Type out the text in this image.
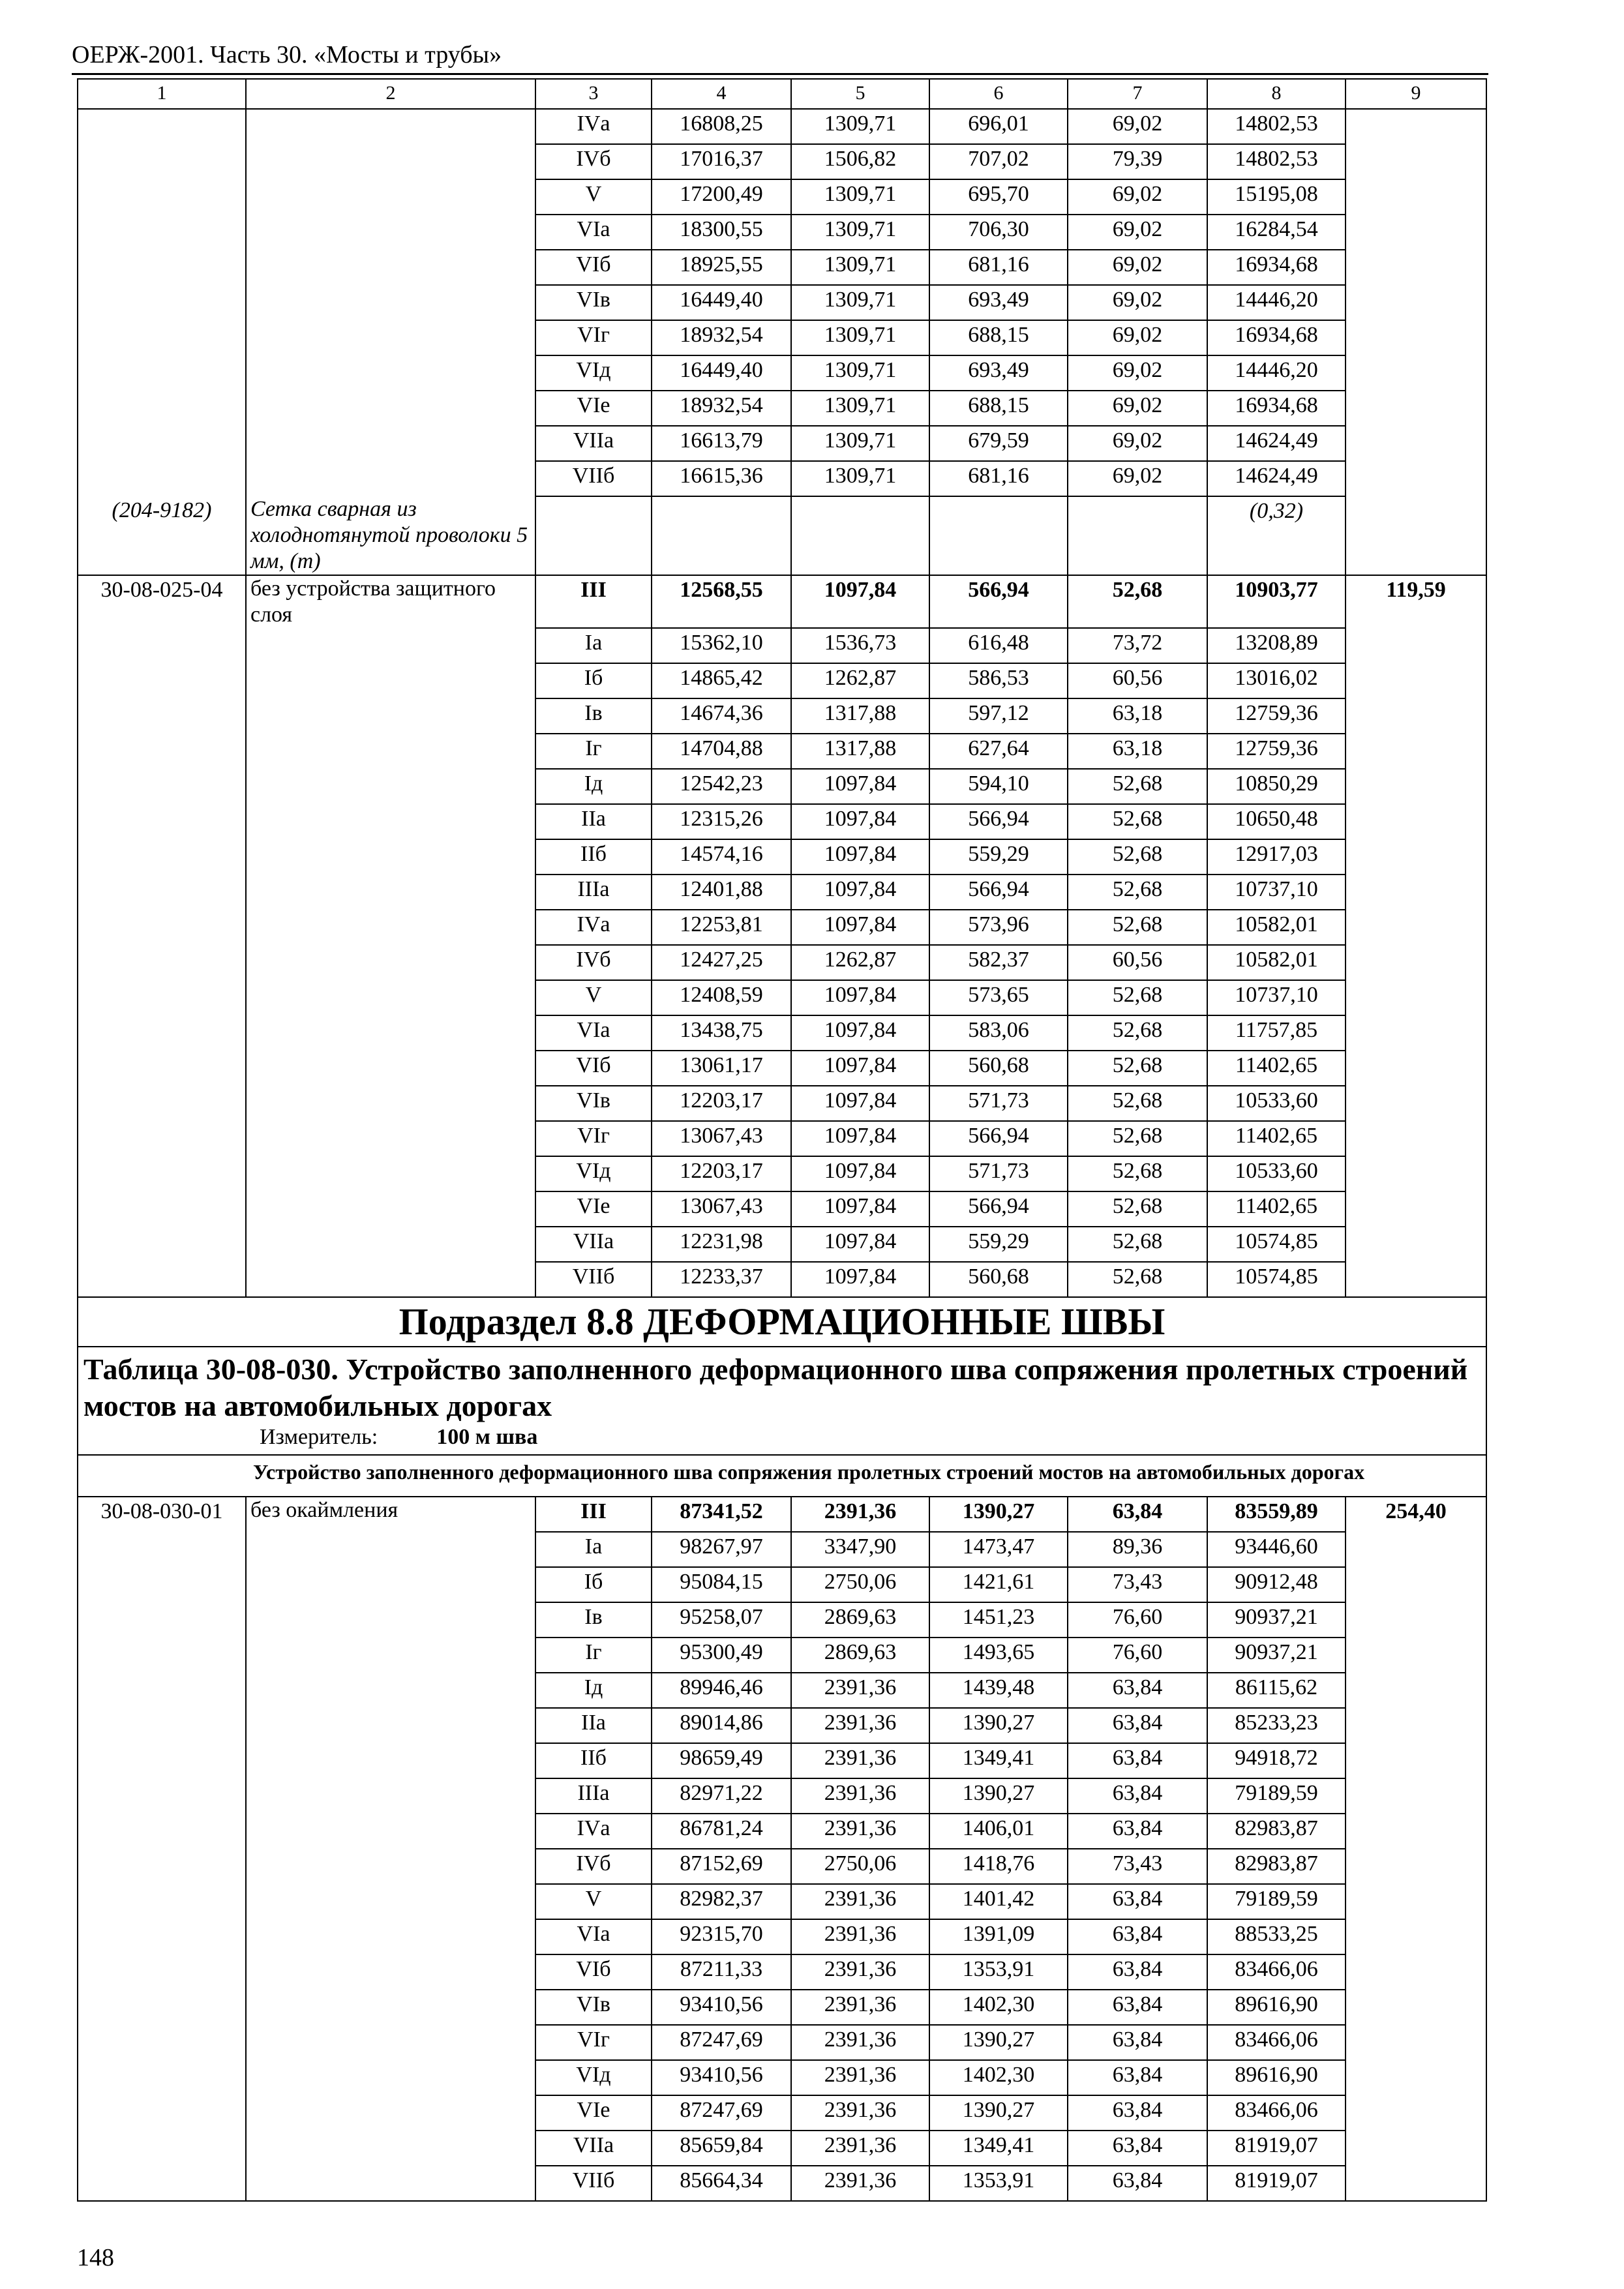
ОЕРЖ-2001. Часть 30. «Мосты и трубы»
1	2	3	4	5	6	7	8	9
		IVа	16808,25	1309,71	696,01	69,02	14802,53	
		IVб	17016,37	1506,82	707,02	79,39	14802,53	
		V	17200,49	1309,71	695,70	69,02	15195,08	
		VIа	18300,55	1309,71	706,30	69,02	16284,54	
		VIб	18925,55	1309,71	681,16	69,02	16934,68	
		VIв	16449,40	1309,71	693,49	69,02	14446,20	
		VIг	18932,54	1309,71	688,15	69,02	16934,68	
		VIд	16449,40	1309,71	693,49	69,02	14446,20	
		VIе	18932,54	1309,71	688,15	69,02	16934,68	
		VIIа	16613,79	1309,71	679,59	69,02	14624,49	
		VIIб	16615,36	1309,71	681,16	69,02	14624,49	
(204-9182)	Сетка сварная из холоднотянутой проволоки 5 мм, (т)						(0,32)	
30-08-025-04	без устройства защитного слоя	III	12568,55	1097,84	566,94	52,68	10903,77	119,59
		Iа	15362,10	1536,73	616,48	73,72	13208,89	
		Iб	14865,42	1262,87	586,53	60,56	13016,02	
		Iв	14674,36	1317,88	597,12	63,18	12759,36	
		Iг	14704,88	1317,88	627,64	63,18	12759,36	
		Iд	12542,23	1097,84	594,10	52,68	10850,29	
		IIа	12315,26	1097,84	566,94	52,68	10650,48	
		IIб	14574,16	1097,84	559,29	52,68	12917,03	
		IIIа	12401,88	1097,84	566,94	52,68	10737,10	
		IVа	12253,81	1097,84	573,96	52,68	10582,01	
		IVб	12427,25	1262,87	582,37	60,56	10582,01	
		V	12408,59	1097,84	573,65	52,68	10737,10	
		VIа	13438,75	1097,84	583,06	52,68	11757,85	
		VIб	13061,17	1097,84	560,68	52,68	11402,65	
		VIв	12203,17	1097,84	571,73	52,68	10533,60	
		VIг	13067,43	1097,84	566,94	52,68	11402,65	
		VIд	12203,17	1097,84	571,73	52,68	10533,60	
		VIе	13067,43	1097,84	566,94	52,68	11402,65	
		VIIа	12231,98	1097,84	559,29	52,68	10574,85	
		VIIб	12233,37	1097,84	560,68	52,68	10574,85	
Подраздел 8.8 ДЕФОРМАЦИОННЫЕ ШВЫ								

Таблица 30-08-030. Устройство заполненного деформационного шва сопряжения пролетных строений мостов на автомобильных дорогах
Измеритель: 100 м шва								

Устройство заполненного деформационного шва сопряжения пролетных строений мостов на автомобильных дорогах								
30-08-030-01	без окаймления	III	87341,52	2391,36	1390,27	63,84	83559,89	254,40
		Iа	98267,97	3347,90	1473,47	89,36	93446,60	
		Iб	95084,15	2750,06	1421,61	73,43	90912,48	
		Iв	95258,07	2869,63	1451,23	76,60	90937,21	
		Iг	95300,49	2869,63	1493,65	76,60	90937,21	
		Iд	89946,46	2391,36	1439,48	63,84	86115,62	
		IIа	89014,86	2391,36	1390,27	63,84	85233,23	
		IIб	98659,49	2391,36	1349,41	63,84	94918,72	
		IIIа	82971,22	2391,36	1390,27	63,84	79189,59	
		IVа	86781,24	2391,36	1406,01	63,84	82983,87	
		IVб	87152,69	2750,06	1418,76	73,43	82983,87	
		V	82982,37	2391,36	1401,42	63,84	79189,59	
		VIа	92315,70	2391,36	1391,09	63,84	88533,25	
		VIб	87211,33	2391,36	1353,91	63,84	83466,06	
		VIв	93410,56	2391,36	1402,30	63,84	89616,90	
		VIг	87247,69	2391,36	1390,27	63,84	83466,06	
		VIд	93410,56	2391,36	1402,30	63,84	89616,90	
		VIе	87247,69	2391,36	1390,27	63,84	83466,06	
		VIIа	85659,84	2391,36	1349,41	63,84	81919,07	
		VIIб	85664,34	2391,36	1353,91	63,84	81919,07	
148
